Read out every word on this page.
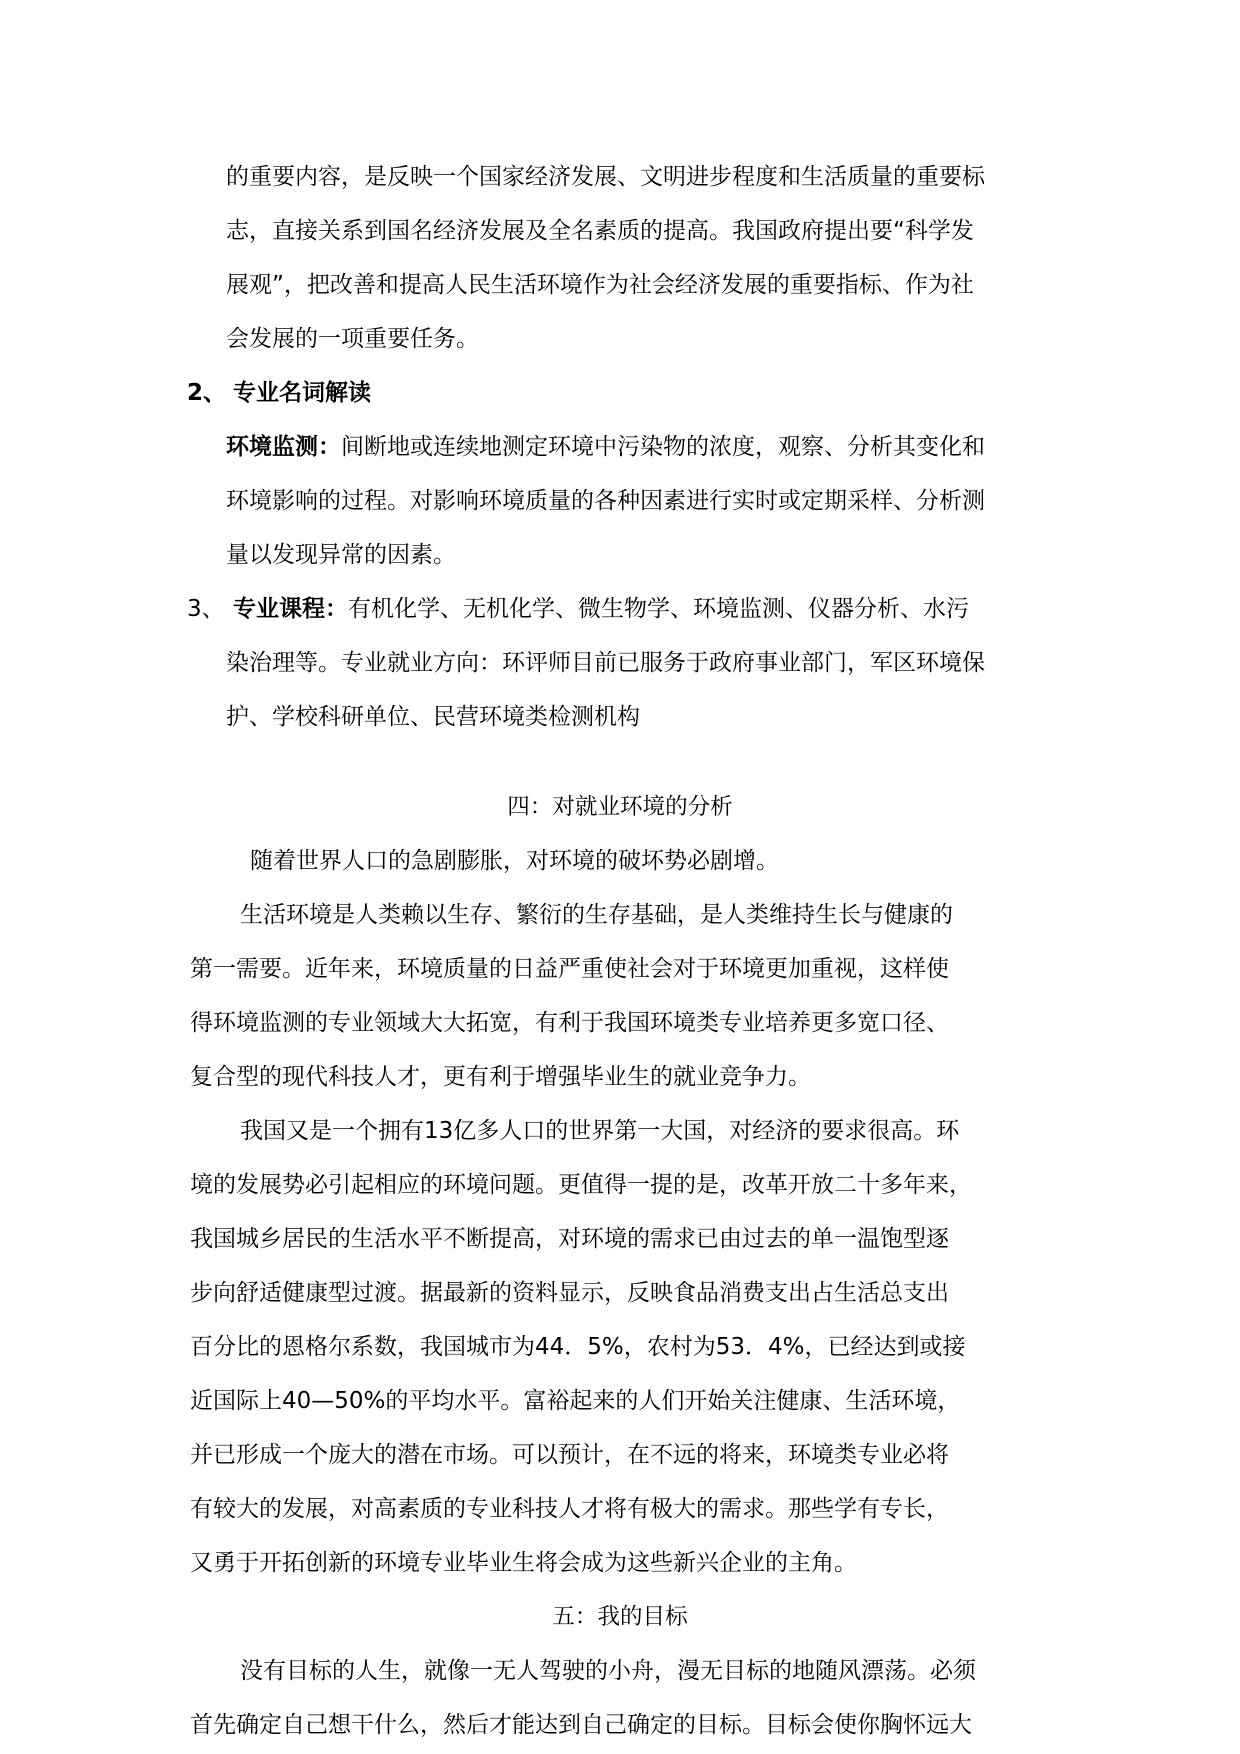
的重要内容，是反映一个国家经济发展、文明进步程度和生活质量的重要标

志，直接关系到国名经济发展及全名素质的提高。我国政府提出要“科学发

展观”，把改善和提高人民生活环境作为社会经济发展的重要指标、作为社

会发展的一项重要任务。

2、 专业名词解读

环境监测：间断地或连续地测定环境中污染物的浓度，观察、分析其变化和

环境影响的过程。对影响环境质量的各种因素进行实时或定期采样、分析测

量以发现异常的因素。

3、 专业课程：有机化学、无机化学、微生物学、环境监测、仪器分析、水污

染治理等。专业就业方向：环评师目前已服务于政府事业部门，军区环境保

护、学校科研单位、民营环境类检测机构

四：对就业环境的分析

随着世界人口的急剧膨胀，对环境的破坏势必剧增。

生活环境是人类赖以生存、繁衍的生存基础，是人类维持生长与健康的

第一需要。近年来，环境质量的日益严重使社会对于环境更加重视，这样使

得环境监测的专业领域大大拓宽，有利于我国环境类专业培养更多宽口径、

复合型的现代科技人才，更有利于增强毕业生的就业竞争力。

我国又是一个拥有13亿多人口的世界第一大国，对经济的要求很高。环

境的发展势必引起相应的环境问题。更值得一提的是，改革开放二十多年来，

我国城乡居民的生活水平不断提高，对环境的需求已由过去的单一温饱型逐

步向舒适健康型过渡。据最新的资料显示，反映食品消费支出占生活总支出

百分比的恩格尔系数，我国城市为44．5%，农村为53．4%，已经达到或接

近国际上40—50%的平均水平。富裕起来的人们开始关注健康、生活环境，

并已形成一个庞大的潜在市场。可以预计，在不远的将来，环境类专业必将

有较大的发展，对高素质的专业科技人才将有极大的需求。那些学有专长，

又勇于开拓创新的环境专业毕业生将会成为这些新兴企业的主角。

五：我的目标

没有目标的人生，就像一无人驾驶的小舟，漫无目标的地随风漂荡。必须

首先确定自己想干什么，然后才能达到自己确定的目标。目标会使你胸怀远大
